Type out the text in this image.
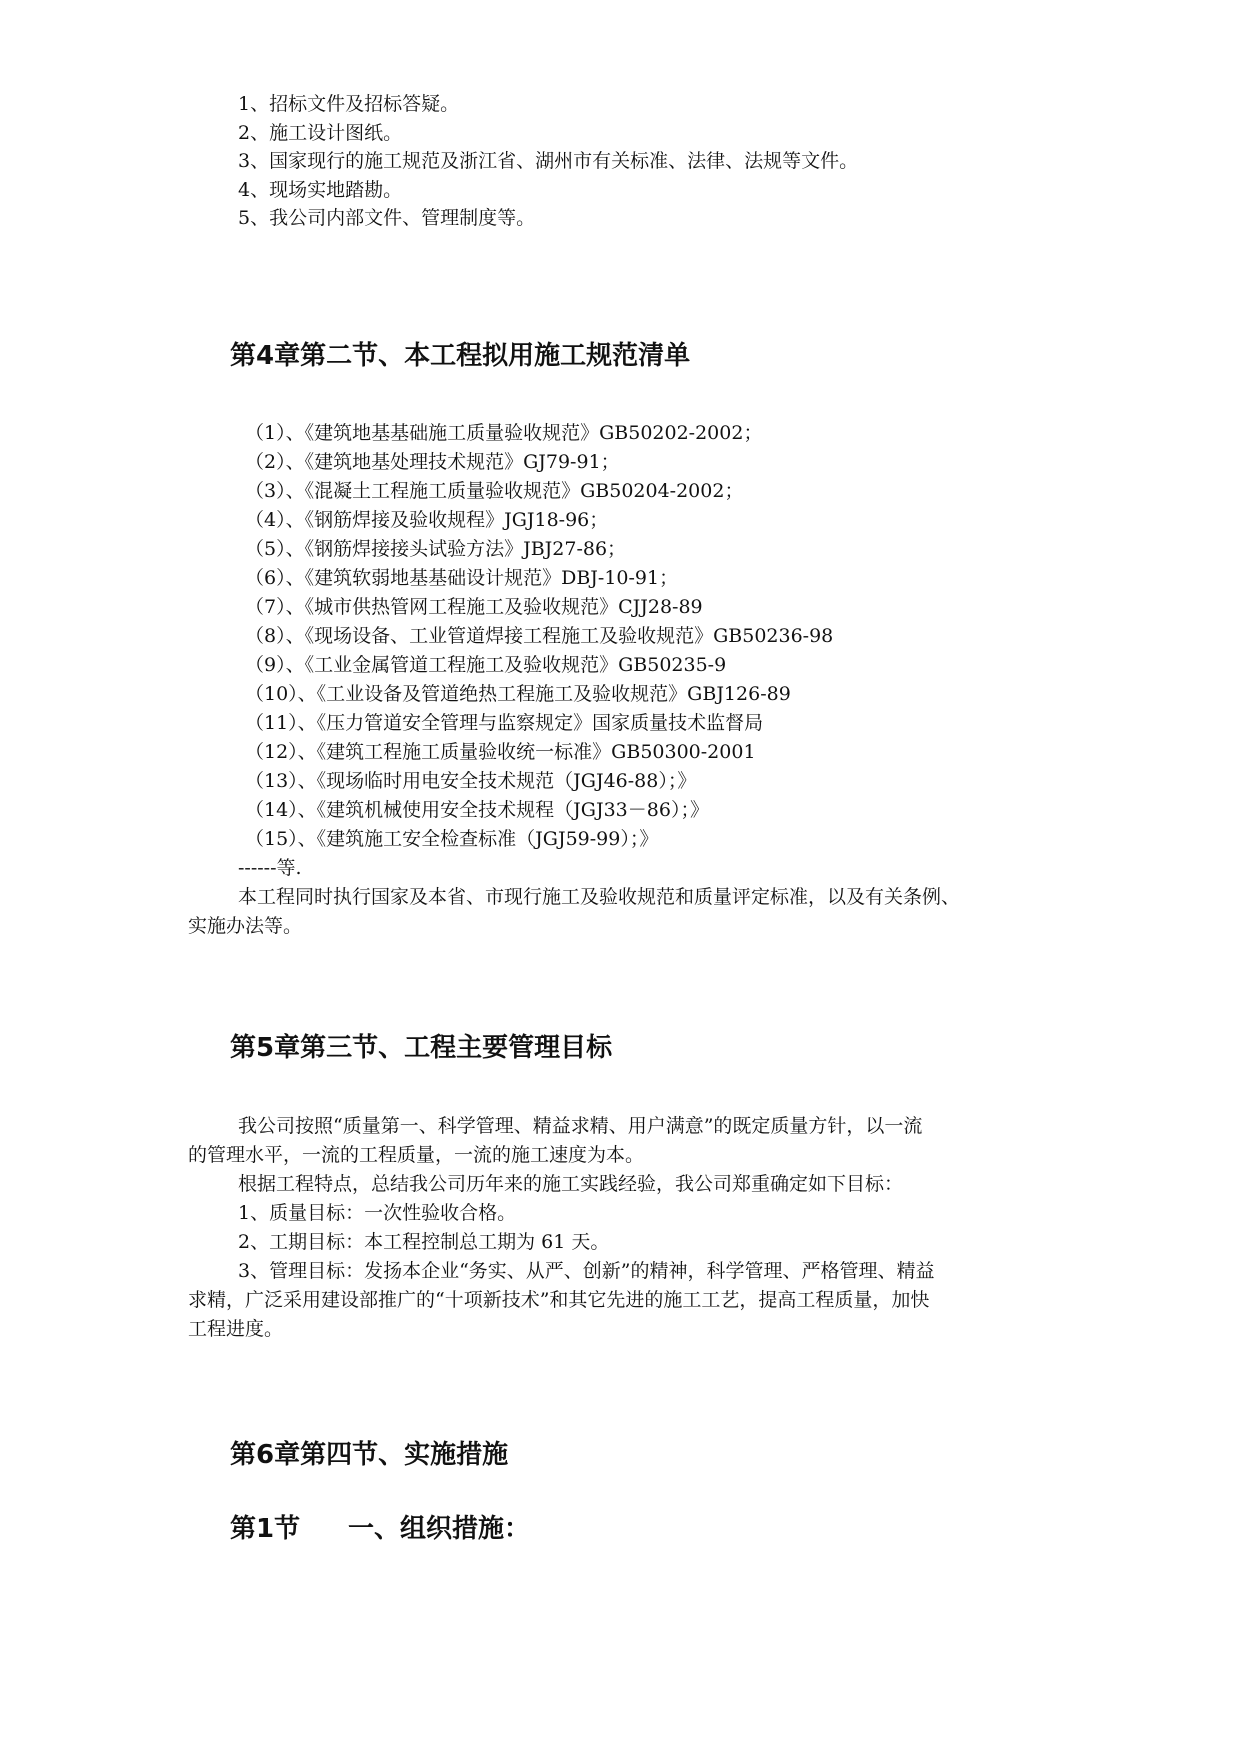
1、招标文件及招标答疑。
2、施工设计图纸。
3、国家现行的施工规范及浙江省、湖州市有关标准、法律、法规等文件。
4、现场实地踏勘。
5、我公司内部文件、管理制度等。
第4章第二节、本工程拟用施工规范清单
（1）、《建筑地基基础施工质量验收规范》GB50202-2002；
（2）、《建筑地基处理技术规范》GJ79-91；
（3）、《混凝土工程施工质量验收规范》GB50204-2002；
（4）、《钢筋焊接及验收规程》JGJ18-96；
（5）、《钢筋焊接接头试验方法》JBJ27-86；
（6）、《建筑软弱地基基础设计规范》DBJ-10-91；
（7）、《城市供热管网工程施工及验收规范》CJJ28-89
（8）、《现场设备、工业管道焊接工程施工及验收规范》GB50236-98
（9）、《工业金属管道工程施工及验收规范》GB50235-9
（10）、《工业设备及管道绝热工程施工及验收规范》GBJ126-89
（11）、《压力管道安全管理与监察规定》国家质量技术监督局
（12）、《建筑工程施工质量验收统一标准》GB50300-2001
（13）、《现场临时用电安全技术规范（JGJ46-88）；》
（14）、《建筑机械使用安全技术规程（JGJ33－86）；》
（15）、《建筑施工安全检查标准（JGJ59-99）；》
------等.
本工程同时执行国家及本省、市现行施工及验收规范和质量评定标准，以及有关条例、
实施办法等。
第5章第三节、工程主要管理目标
我公司按照“质量第一、科学管理、精益求精、用户满意”的既定质量方针，以一流
的管理水平，一流的工程质量，一流的施工速度为本。
根据工程特点，总结我公司历年来的施工实践经验，我公司郑重确定如下目标：
1、质量目标：一次性验收合格。
2、工期目标：本工程控制总工期为 61 天。
3、管理目标：发扬本企业“务实、从严、创新”的精神，科学管理、严格管理、精益
求精，广泛采用建设部推广的“十项新技术”和其它先进的施工工艺，提高工程质量，加快
工程进度。
第6章第四节、实施措施
第1节 一、组织措施：
